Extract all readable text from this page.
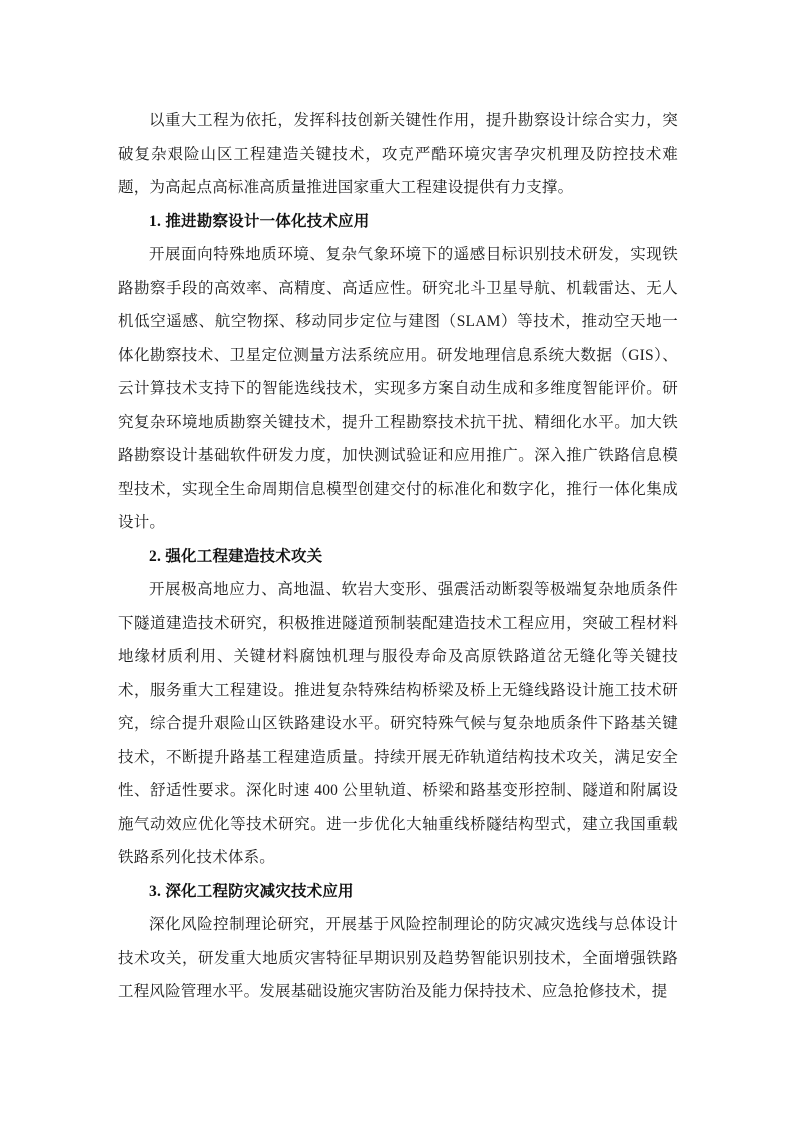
以重大工程为依托，发挥科技创新关键性作用，提升勘察设计综合实力，突破复杂艰险山区工程建造关键技术，攻克严酷环境灾害孕灾机理及防控技术难题，为高起点高标准高质量推进国家重大工程建设提供有力支撑。

1. 推进勘察设计一体化技术应用

开展面向特殊地质环境、复杂气象环境下的遥感目标识别技术研发，实现铁路勘察手段的高效率、高精度、高适应性。研究北斗卫星导航、机载雷达、无人机低空遥感、航空物探、移动同步定位与建图（SLAM）等技术，推动空天地一体化勘察技术、卫星定位测量方法系统应用。研发地理信息系统大数据（GIS）、云计算技术支持下的智能选线技术，实现多方案自动生成和多维度智能评价。研究复杂环境地质勘察关键技术，提升工程勘察技术抗干扰、精细化水平。加大铁路勘察设计基础软件研发力度，加快测试验证和应用推广。深入推广铁路信息模型技术，实现全生命周期信息模型创建交付的标准化和数字化，推行一体化集成设计。

2. 强化工程建造技术攻关

开展极高地应力、高地温、软岩大变形、强震活动断裂等极端复杂地质条件下隧道建造技术研究，积极推进隧道预制装配建造技术工程应用，突破工程材料地缘材质利用、关键材料腐蚀机理与服役寿命及高原铁路道岔无缝化等关键技术，服务重大工程建设。推进复杂特殊结构桥梁及桥上无缝线路设计施工技术研究，综合提升艰险山区铁路建设水平。研究特殊气候与复杂地质条件下路基关键技术，不断提升路基工程建造质量。持续开展无砟轨道结构技术攻关，满足安全性、舒适性要求。深化时速 400 公里轨道、桥梁和路基变形控制、隧道和附属设施气动效应优化等技术研究。进一步优化大轴重线桥隧结构型式，建立我国重载铁路系列化技术体系。

3. 深化工程防灾减灾技术应用

深化风险控制理论研究，开展基于风险控制理论的防灾减灾选线与总体设计技术攻关，研发重大地质灾害特征早期识别及趋势智能识别技术，全面增强铁路工程风险管理水平。发展基础设施灾害防治及能力保持技术、应急抢修技术，提
